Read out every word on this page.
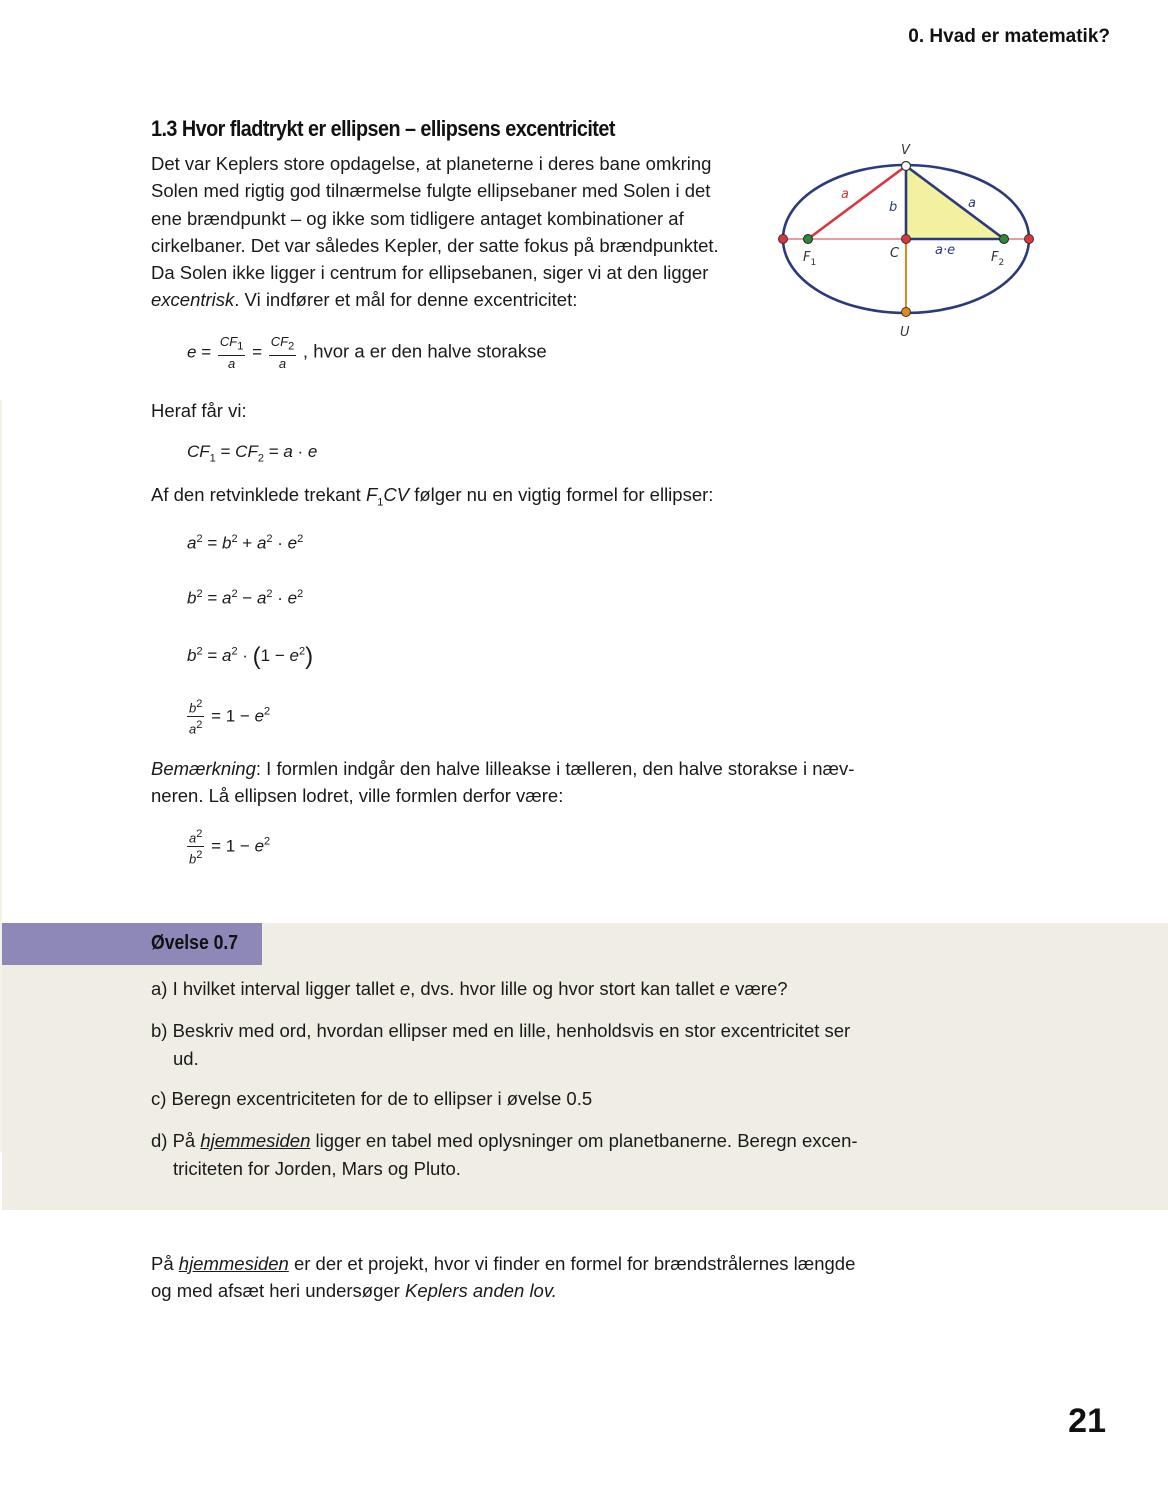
0. Hvad er matematik?
1.3 Hvor fladtrykt er ellipsen – ellipsens excentricitet
Det var Keplers store opdagelse, at planeterne i deres bane omkring
Solen med rigtig god tilnærmelse fulgte ellipsebaner med Solen i det
ene brændpunkt – og ikke som tidligere antaget kombinationer af
cirkelbaner. Det var således Kepler, der satte fokus på brændpunktet.
Da Solen ikke ligger i centrum for ellipsebanen, siger vi at den ligger
excentrisk. Vi indfører et mål for denne excentricitet:
V
U
C
$F_1$	$F_2$
a
a
b
a·e
$e = \frac{CF_1}{a} = \frac{CF_2}{a}$ , hvor a er den halve storakse
Heraf får vi:
$CF_1 = CF_2 = a \cdot e$
Af den retvinklede trekant $F_1CV$ følger nu en vigtig formel for ellipser:
$a^2 = b^2 + a^2 \cdot e^2$
$b^2 = a^2 - a^2 \cdot e^2$
$b^2 = a^2 \cdot (1 - e^2)$
$\frac{b^2}{a^2} = 1 - e^2$
Bemærkning: I formlen indgår den halve lilleakse i tælleren, den halve storakse i næv-
neren. Lå ellipsen lodret, ville formlen derfor være:
$\frac{a^2}{b^2} = 1 - e^2$
Øvelse 0.7
a) I hvilket interval ligger tallet e, dvs. hvor lille og hvor stort kan tallet e være?
b) Beskriv med ord, hvordan ellipser med en lille, henholdsvis en stor excentricitet ser
ud.
c) Beregn excentriciteten for de to ellipser i øvelse 0.5
d) På hjemmesiden ligger en tabel med oplysninger om planetbanerne. Beregn excen-
triciteten for Jorden, Mars og Pluto.
På hjemmesiden er der et projekt, hvor vi finder en formel for brændstrålernes længde
og med afsæt heri undersøger Keplers anden lov.
21
